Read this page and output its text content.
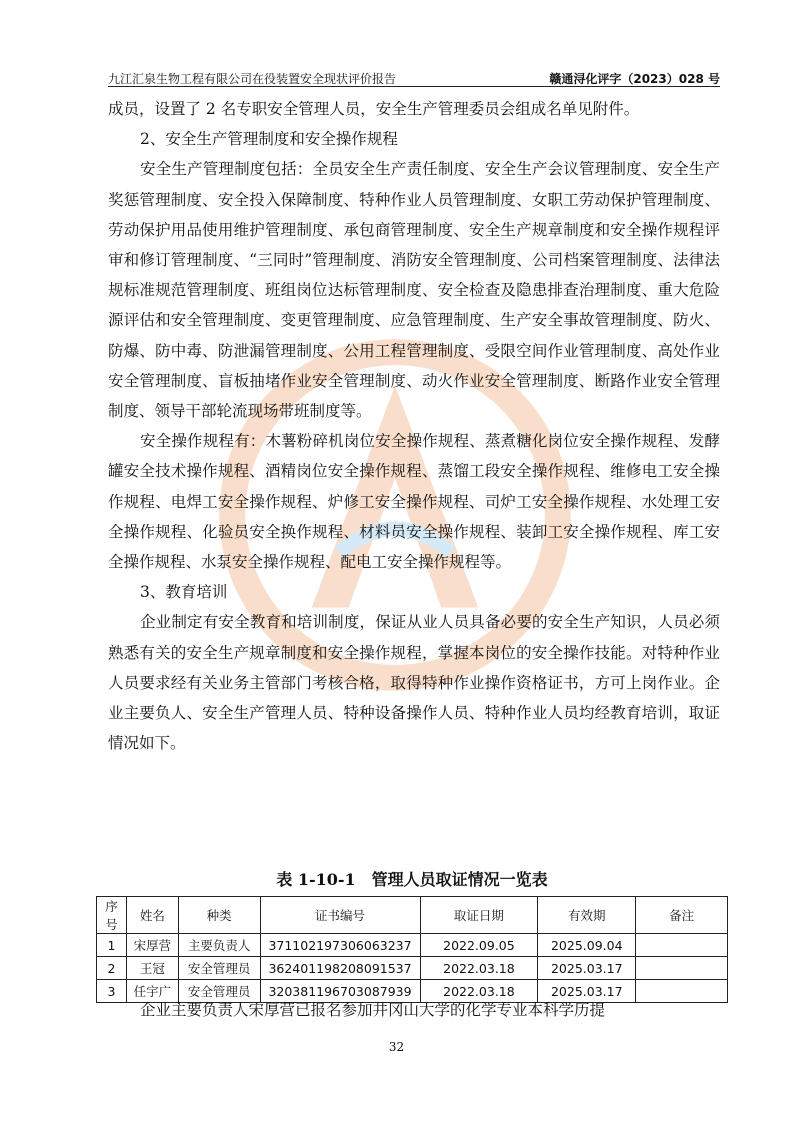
九江汇泉生物工程有限公司在役装置安全现状评价报告	赣通浔化评字（2023）028 号

成员，设置了 2 名专职安全管理人员，安全生产管理委员会组成名单见附件。

2、安全生产管理制度和安全操作规程

安全生产管理制度包括：全员安全生产责任制度、安全生产会议管理制度、安全生产奖惩管理制度、安全投入保障制度、特种作业人员管理制度、女职工劳动保护管理制度、劳动保护用品使用维护管理制度、承包商管理制度、安全生产规章制度和安全操作规程评审和修订管理制度、“三同时”管理制度、消防安全管理制度、公司档案管理制度、法律法规标准规范管理制度、班组岗位达标管理制度、安全检查及隐患排查治理制度、重大危险源评估和安全管理制度、变更管理制度、应急管理制度、生产安全事故管理制度、防火、防爆、防中毒、防泄漏管理制度、公用工程管理制度、受限空间作业管理制度、高处作业安全管理制度、盲板抽堵作业安全管理制度、动火作业安全管理制度、断路作业安全管理制度、领导干部轮流现场带班制度等。

安全操作规程有：木薯粉碎机岗位安全操作规程、蒸煮糖化岗位安全操作规程、发酵罐安全技术操作规程、酒精岗位安全操作规程、蒸馏工段安全操作规程、维修电工安全操作规程、电焊工安全操作规程、炉修工安全操作规程、司炉工安全操作规程、水处理工安全操作规程、化验员安全换作规程、材料员安全操作规程、装卸工安全操作规程、库工安全操作规程、水泵安全操作规程、配电工安全操作规程等。

3、教育培训

企业制定有安全教育和培训制度，保证从业人员具备必要的安全生产知识，人员必须熟悉有关的安全生产规章制度和安全操作规程，掌握本岗位的安全操作技能。对特种作业人员要求经有关业务主管部门考核合格，取得特种作业操作资格证书，方可上岗作业。企业主要负人、安全生产管理人员、特种设备操作人员、特种作业人员均经教育培训，取证情况如下。

表 1-10-1　管理人员取证情况一览表
序号	姓名	种类	证书编号	取证日期	有效期	备注
1	宋厚营	主要负责人	371102197306063237	2022.09.05	2025.09.04	
2	王冠	安全管理员	362401198208091537	2022.03.18	2025.03.17	
3	任宇广	安全管理员	320381196703087939	2022.03.18	2025.03.17	
企业主要负责人宋厚营已报名参加井冈山大学的化学专业本科学历提
32
